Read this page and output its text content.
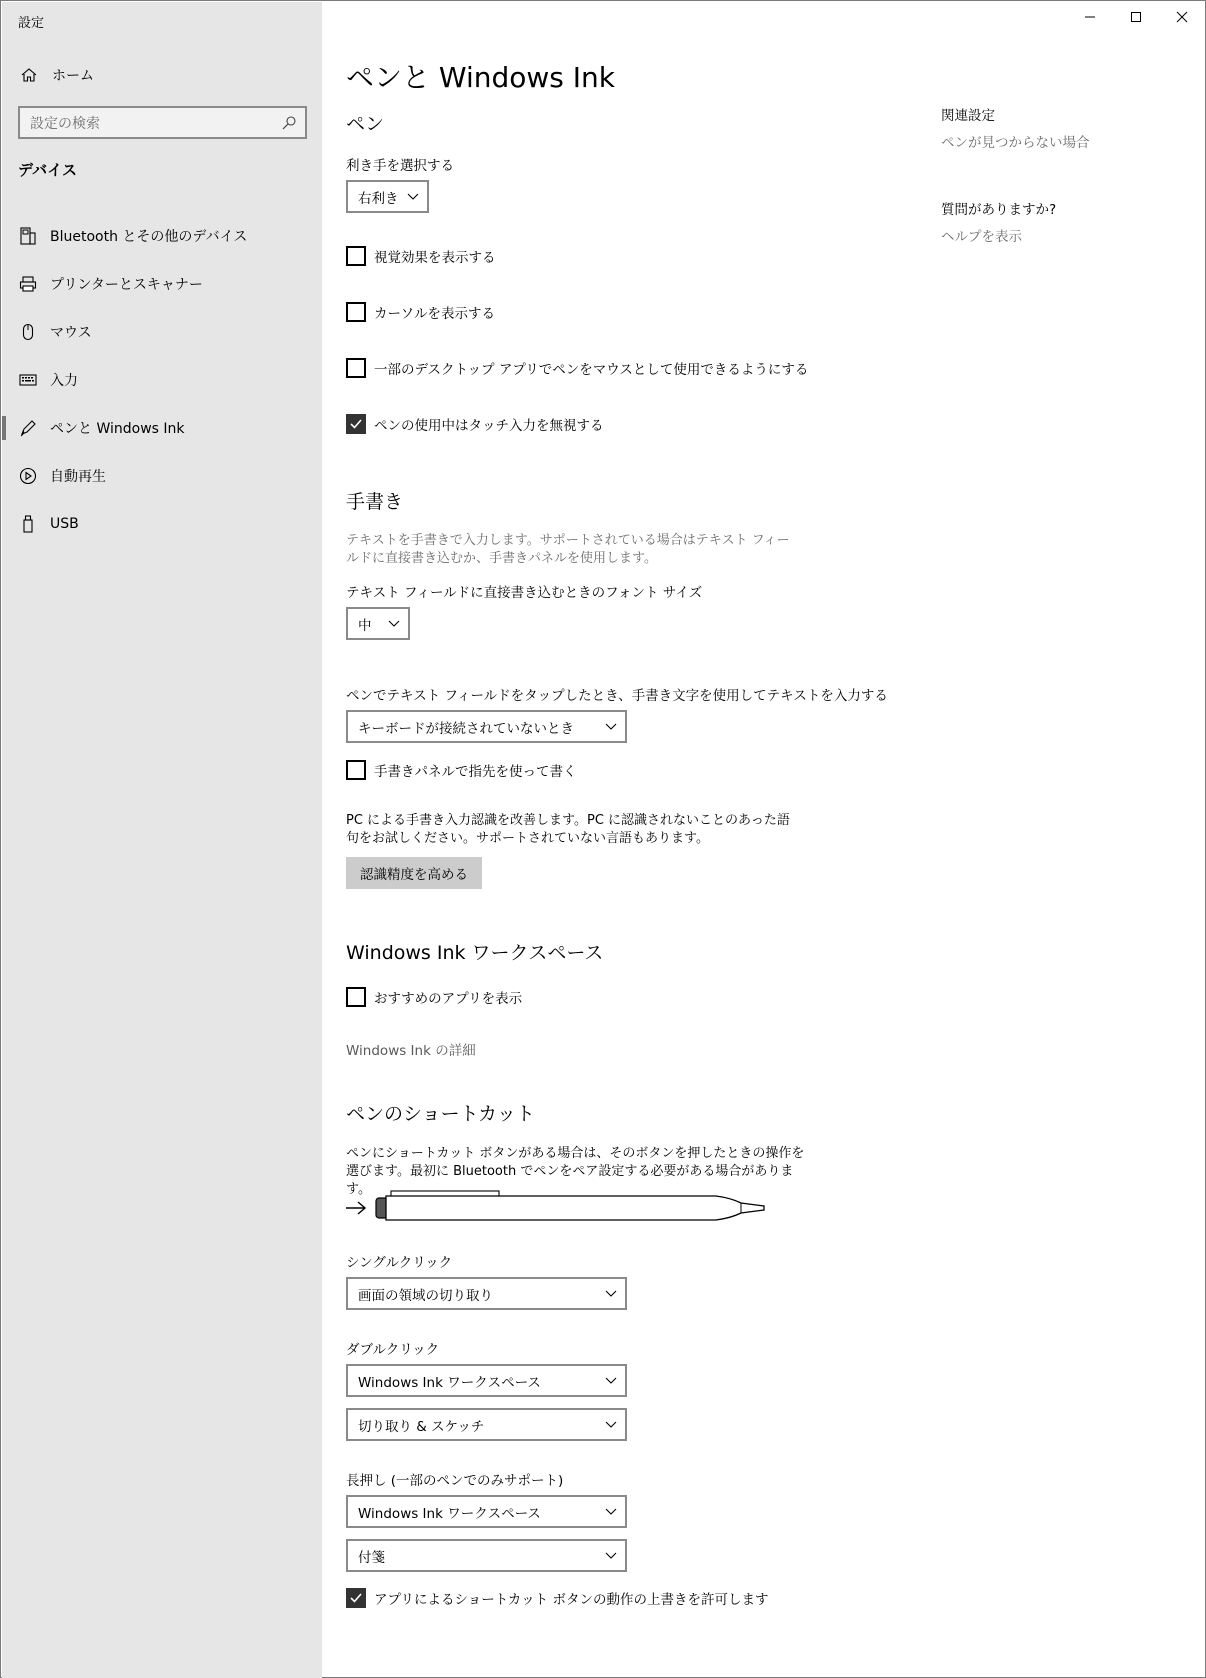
設定
ホーム
設定の検索
デバイス
Bluetooth とその他のデバイス
プリンターとスキャナー
マウス
入力
ペンと Windows Ink
自動再生
USB
ペンと Windows Ink
ペン
利き手を選択する
右利き
視覚効果を表示する
カーソルを表示する
一部のデスクトップ アプリでペンをマウスとして使用できるようにする
ペンの使用中はタッチ入力を無視する
手書き
テキストを手書きで入力します。サポートされている場合はテキスト フィールドに直接書き込むか、手書きパネルを使用します。
テキスト フィールドに直接書き込むときのフォント サイズ
中
ペンでテキスト フィールドをタップしたとき、手書き文字を使用してテキストを入力する
キーボードが接続されていないとき
手書きパネルで指先を使って書く
PC による手書き入力認識を改善します。PC に認識されないことのあった語句をお試しください。サポートされていない言語もあります。
認識精度を高める
Windows Ink ワークスペース
おすすめのアプリを表示
Windows Ink の詳細
ペンのショートカット
ペンにショートカット ボタンがある場合は、そのボタンを押したときの操作を選びます。最初に Bluetooth でペンをペア設定する必要がある場合があります。
シングルクリック
画面の領域の切り取り
ダブルクリック
Windows Ink ワークスペース
切り取り & スケッチ
長押し (一部のペンでのみサポート)
Windows Ink ワークスペース
付箋
アプリによるショートカット ボタンの動作の上書きを許可します
関連設定
ペンが見つからない場合
質問がありますか?
ヘルプを表示
